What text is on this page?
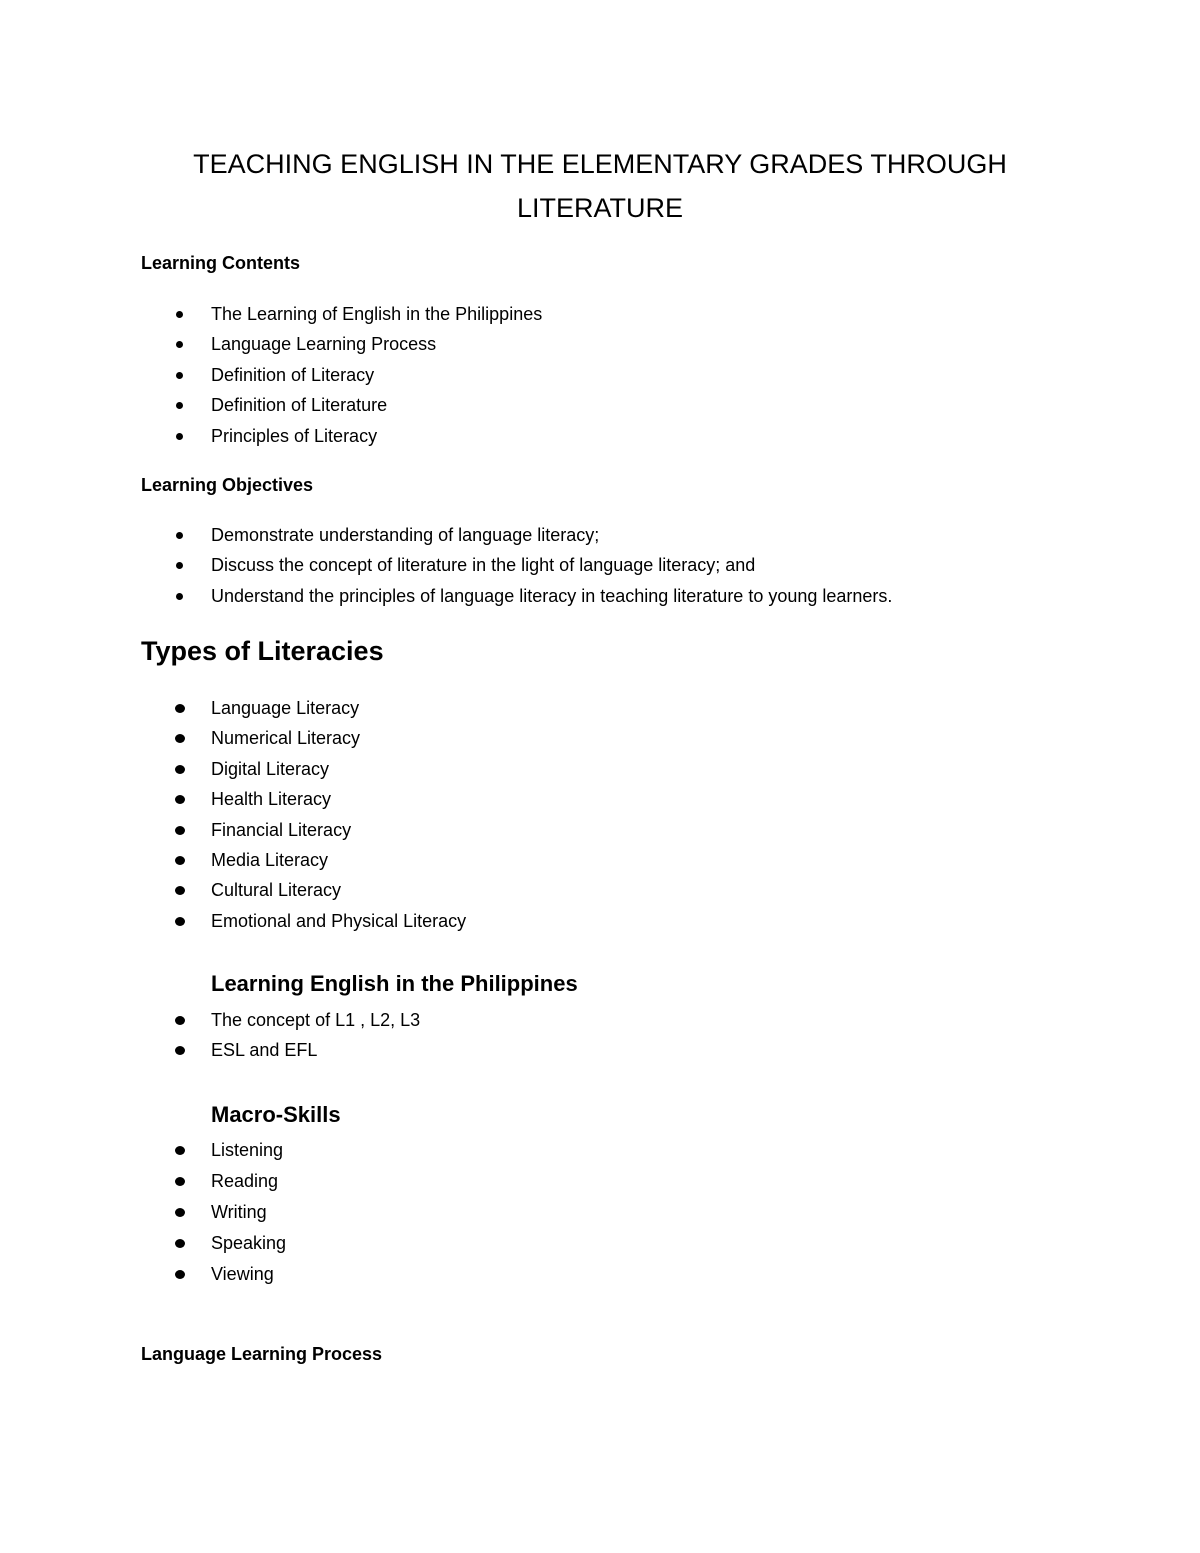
TEACHING ENGLISH IN THE ELEMENTARY GRADES THROUGH
LITERATURE
Learning Contents
The Learning of English in the Philippines
Language Learning Process
Definition of Literacy
Definition of Literature
Principles of Literacy
Learning Objectives
Demonstrate understanding of language literacy;
Discuss the concept of literature in the light of language literacy; and
Understand the principles of language literacy in teaching literature to young learners.
Types of Literacies
Language Literacy
Numerical Literacy
Digital Literacy
Health Literacy
Financial Literacy
Media Literacy
Cultural Literacy
Emotional and Physical Literacy
Learning English in the Philippines
The concept of L1 , L2, L3
ESL and EFL
Macro-Skills
Listening
Reading
Writing
Speaking
Viewing
Language Learning Process
